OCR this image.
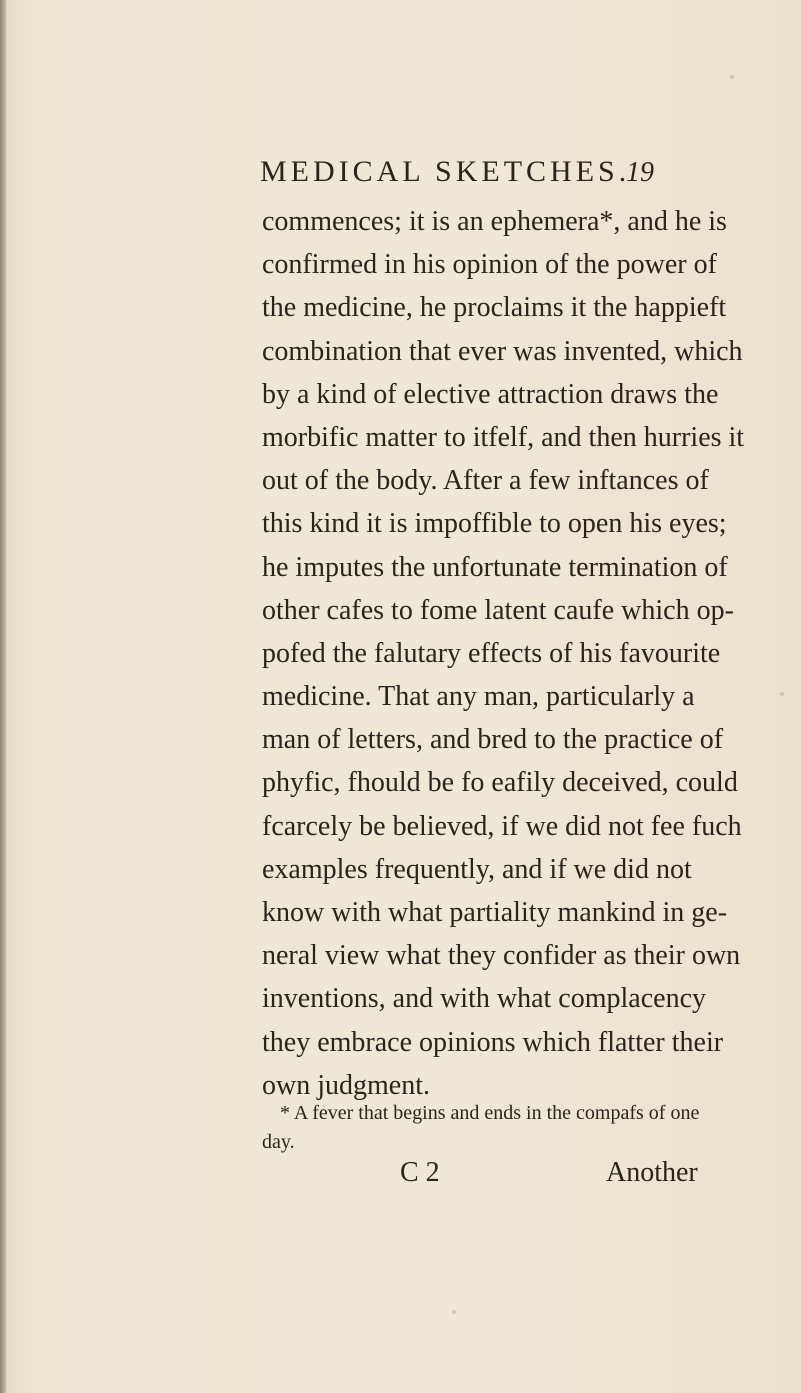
MEDICAL SKETCHES.
19
commences; it is an ephemera*, and he is
confirmed in his opinion of the power of
the medicine, he proclaims it the happieft
combination that ever was invented, which
by a kind of elective attraction draws the
morbific matter to itfelf, and then hurries it
out of the body. After a few inftances of
this kind it is impoffible to open his eyes;
he imputes the unfortunate termination of
other cafes to fome latent caufe which op-
pofed the falutary effects of his favourite
medicine. That any man, particularly a
man of letters, and bred to the practice of
phyfic, fhould be fo eafily deceived, could
fcarcely be believed, if we did not fee fuch
examples frequently, and if we did not
know with what partiality mankind in ge-
neral view what they confider as their own
inventions, and with what complacency
they embrace opinions which flatter their
own judgment.
* A fever that begins and ends in the compafs of one
day.
C 2	Another
